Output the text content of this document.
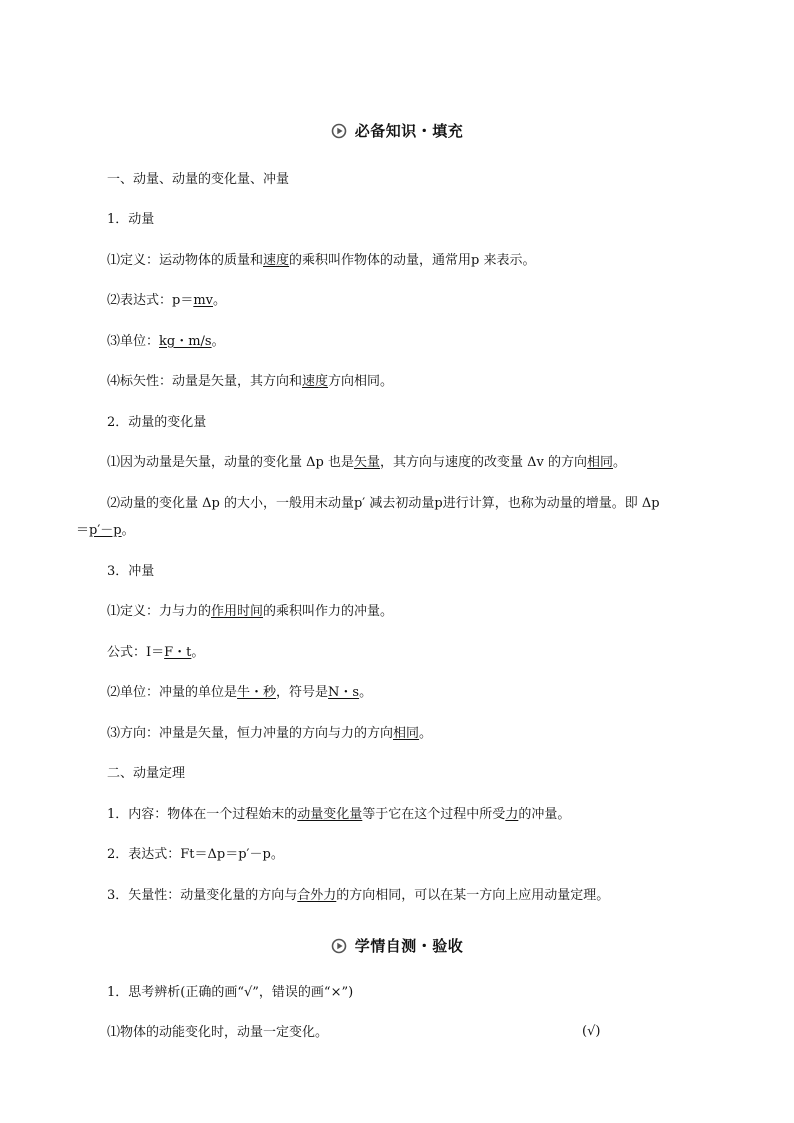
必备知识・填充
一、动量、动量的变化量、冲量
1．动量
⑴定义：运动物体的质量和速度的乘积叫作物体的动量，通常用p 来表示。
⑵表达式：p＝mv。
⑶单位：kg・m/s。
⑷标矢性：动量是矢量，其方向和速度方向相同。
2．动量的变化量
⑴因为动量是矢量，动量的变化量 Δp 也是矢量，其方向与速度的改变量 Δv 的方向相同。
⑵动量的变化量 Δp 的大小，一般用末动量p′ 减去初动量p进行计算，也称为动量的增量。即 Δp
＝p′－p。
3．冲量
⑴定义：力与力的作用时间的乘积叫作力的冲量。
公式：I＝F・t。
⑵单位：冲量的单位是牛・秒，符号是N・s。
⑶方向：冲量是矢量，恒力冲量的方向与力的方向相同。
二、动量定理
1．内容：物体在一个过程始末的动量变化量等于它在这个过程中所受力的冲量。
2．表达式：Ft＝Δp＝p′－p。
3．矢量性：动量变化量的方向与合外力的方向相同，可以在某一方向上应用动量定理。
学情自测・验收
1．思考辨析(正确的画“√”，错误的画“×”)
⑴物体的动能变化时，动量一定变化。	(√)
